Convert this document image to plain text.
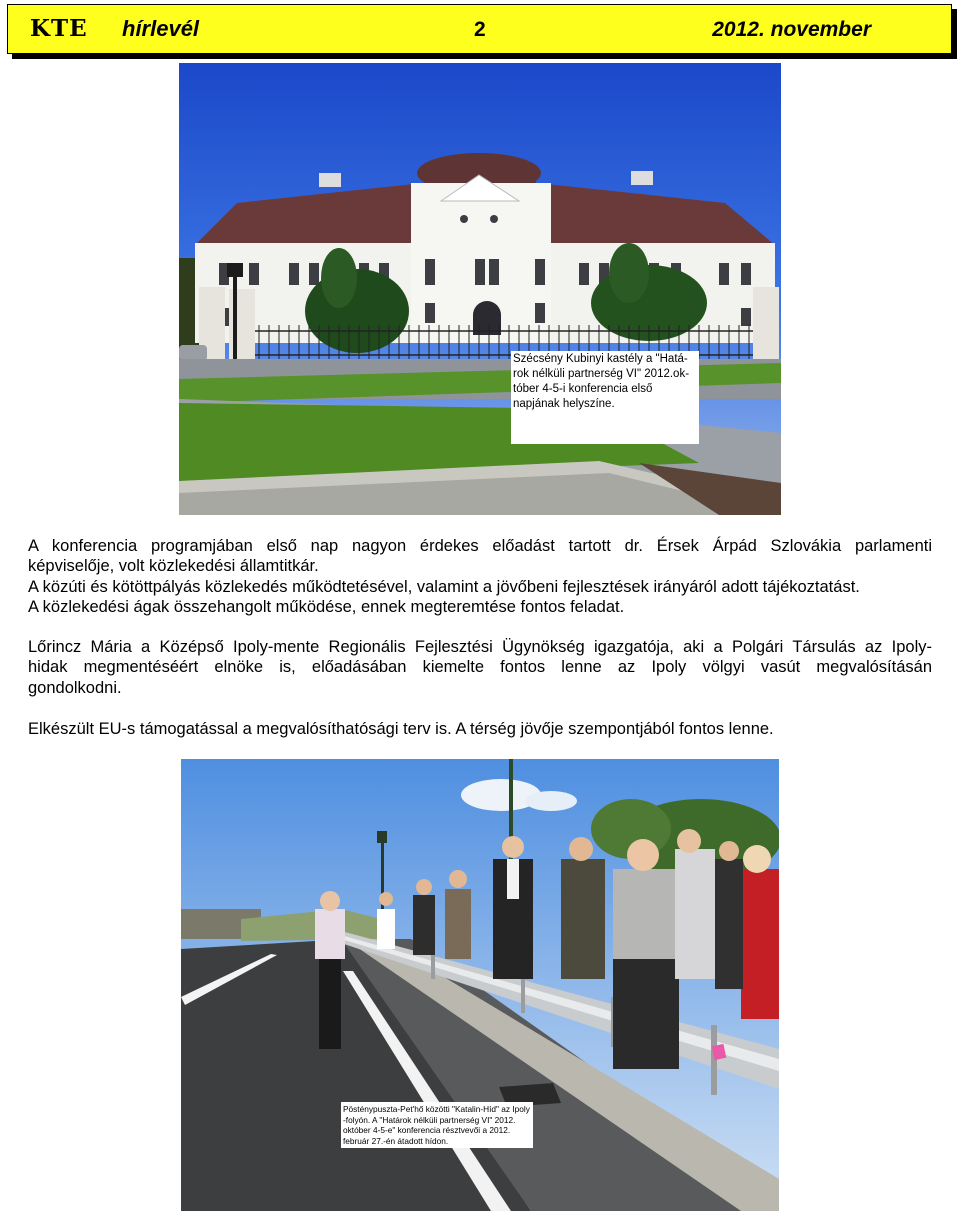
KTE hírlevél	2	2012. november
Szécsény Kubinyi kastély a "Hatá-
rok nélküli partnerség VI" 2012.ok-
tóber 4-5-i konferencia első
napjának helyszíne.
A konferencia programjában első nap nagyon érdekes előadást tartott dr. Érsek Árpád Szlovákia parlamenti
képviselője, volt közlekedési államtitkár.
A közúti és kötöttpályás közlekedés működtetésével, valamint a jövőbeni fejlesztések irányáról adott tájékoztatást.
A közlekedési ágak összehangolt működése, ennek megteremtése fontos feladat.
Lőrincz Mária a Középső Ipoly-mente Regionális Fejlesztési Ügynökség igazgatója, aki a Polgári Társulás az Ipoly-
hidak megmentéséért elnöke is, előadásában kiemelte fontos lenne az Ipoly völgyi vasút megvalósításán
gondolkodni.
Elkészült EU-s támogatással a megvalósíthatósági terv is. A térség jövője szempontjából fontos lenne.
Pösténypuszta-Pet'hő közötti "Katalin-Híd" az Ipoly
-folyón. A "Határok nélküli partnerség VI" 2012.
október 4-5-e" konferencia résztvevői a 2012.
február 27.-én átadott hídon.
